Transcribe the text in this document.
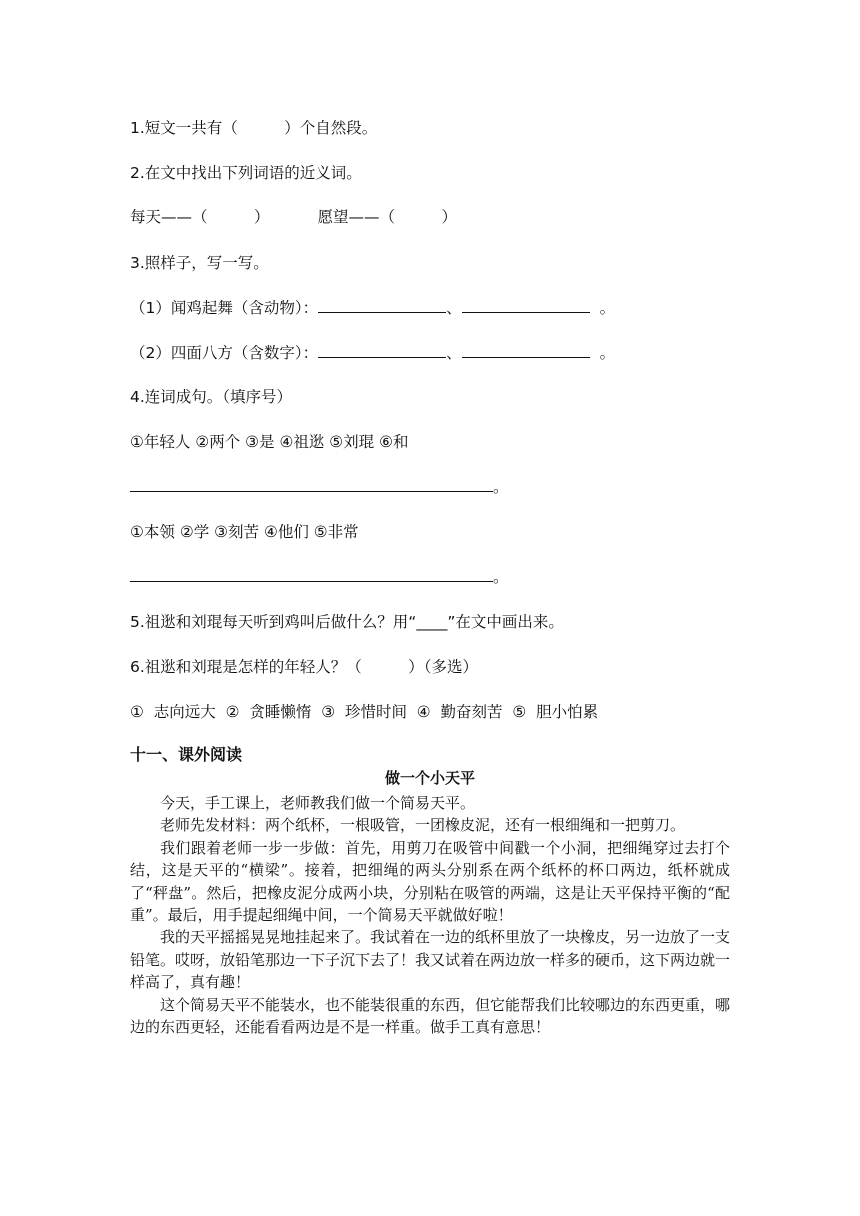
1.短文一共有（　　　）个自然段。
2.在文中找出下列词语的近义词。
每天——（　　　）	愿望——（　　　）
3.照样子，写一写。
（1）闻鸡起舞（含动物）：	、	。
（2）四面八方（含数字）：	、	。
4.连词成句。（填序号）
①年轻人 ②两个 ③是 ④祖逖 ⑤刘琨 ⑥和
。
①本领 ②学 ③刻苦 ④他们 ⑤非常
。
5.祖逖和刘琨每天听到鸡叫后做什么？用“____”在文中画出来。
6.祖逖和刘琨是怎样的年轻人？（　　　）（多选）
①  志向远大  ②  贪睡懒惰  ③  珍惜时间  ④  勤奋刻苦  ⑤  胆小怕累
十一、课外阅读
做一个小天平

今天，手工课上，老师教我们做一个简易天平。

老师先发材料：两个纸杯，一根吸管，一团橡皮泥，还有一根细绳和一把剪刀。

我们跟着老师一步一步做：首先，用剪刀在吸管中间戳一个小洞，把细绳穿过去打个结，这是天平的“横梁”。接着，把细绳的两头分别系在两个纸杯的杯口两边，纸杯就成了“秤盘”。然后，把橡皮泥分成两小块，分别粘在吸管的两端，这是让天平保持平衡的“配重”。最后，用手提起细绳中间，一个简易天平就做好啦！

我的天平摇摇晃晃地挂起来了。我试着在一边的纸杯里放了一块橡皮，另一边放了一支铅笔。哎呀，放铅笔那边一下子沉下去了！我又试着在两边放一样多的硬币，这下两边就一样高了，真有趣！

这个简易天平不能装水，也不能装很重的东西，但它能帮我们比较哪边的东西更重，哪边的东西更轻，还能看看两边是不是一样重。做手工真有意思！
